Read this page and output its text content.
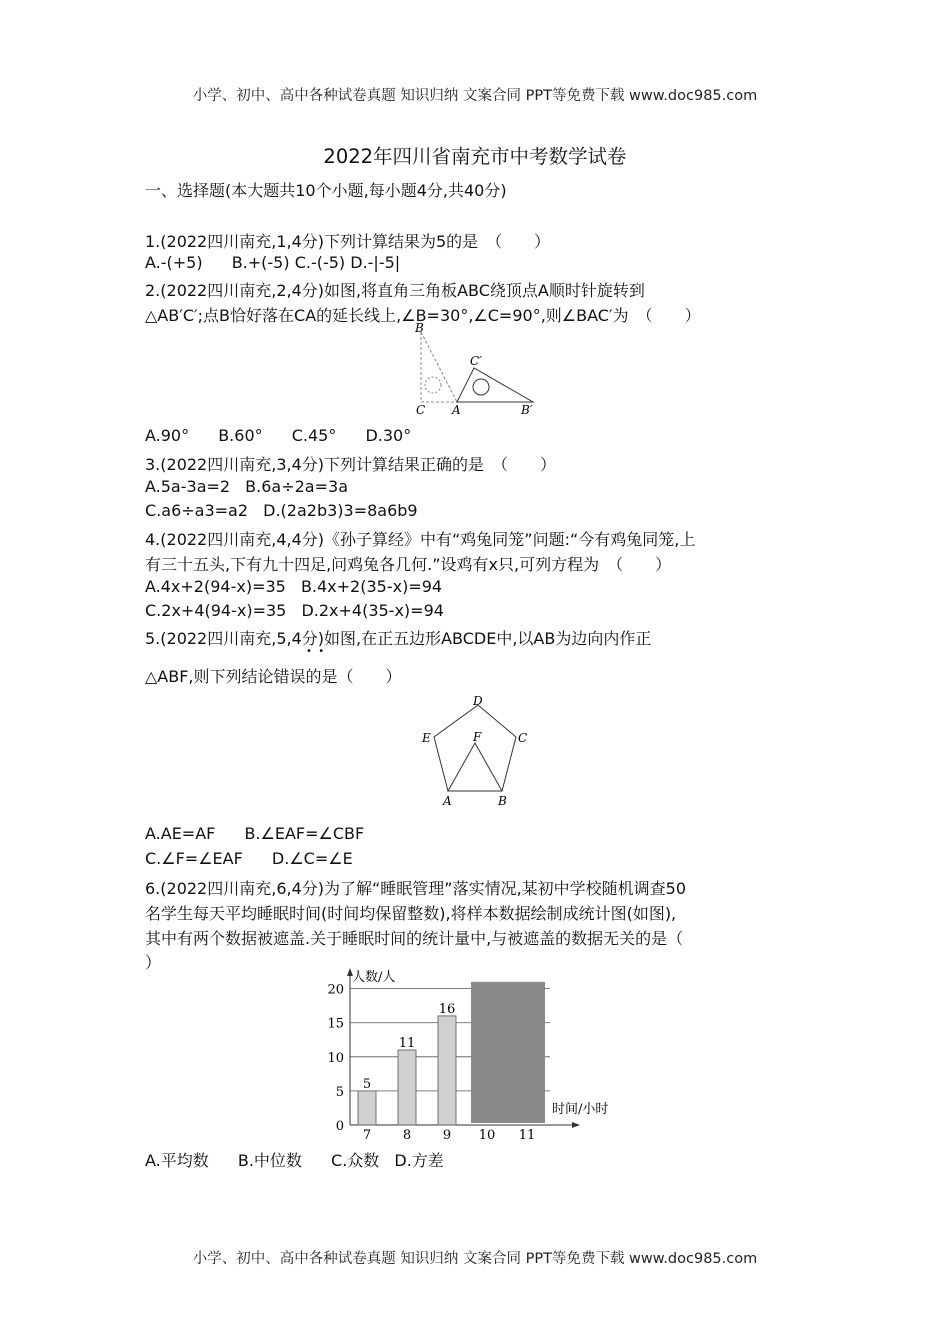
小学、初中、高中各种试卷真题 知识归纳 文案合同 PPT等免费下载 www.doc985.com
2022年四川省南充市中考数学试卷
一、选择题(本大题共10个小题,每小题4分,共40分)
1.(2022四川南充,1,4分)下列计算结果为5的是　（　　）
A.-(+5) B.+(-5) C.-(-5) D.-|-5|
2.(2022四川南充,2,4分)如图,将直角三角板ABC绕顶点A顺时针旋转到
△AB′C′;点B恰好落在CA的延长线上,∠B=30°,∠C=90°,则∠BAC′为　（　　）
B
C′
C A	B′
A.90° B.60° C.45° D.30°
3.(2022四川南充,3,4分)下列计算结果正确的是　（　　）
A.5a-3a=2 B.6a÷2a=3a
C.a6÷a3=a2 D.(2a2b3)3=8a6b9
4.(2022四川南充,4,4分)《孙子算经》中有“鸡兔同笼”问题:“今有鸡兔同笼,上
有三十五头,下有九十四足,问鸡兔各几何.”设鸡有x只,可列方程为　（　　）
A.4x+2(94-x)=35 B.4x+2(35-x)=94
C.2x+4(94-x)=35 D.2x+4(35-x)=94
5.(2022四川南充,5,4分)如图,在正五边形ABCDE中,以AB为边向内作正
•  •
△ABF,则下列结论错误的是（　　）
D
E	F	C
A	B
A.AE=AF B.∠EAF=∠CBF
C.∠F=∠EAF D.∠C=∠E
6.(2022四川南充,6,4分)为了解“睡眠管理”落实情况,某初中学校随机调查50
名学生每天平均睡眠时间(时间均保留整数),将样本数据绘制成统计图(如图),
其中有两个数据被遮盖.关于睡眠时间的统计量中,与被遮盖的数据无关的是（
）
人数/人
时间/小时
0
5
10
15
20
5
11
16
7 8 9 10 11
A.平均数 B.中位数 C.众数 D.方差
小学、初中、高中各种试卷真题 知识归纳 文案合同 PPT等免费下载 www.doc985.com
